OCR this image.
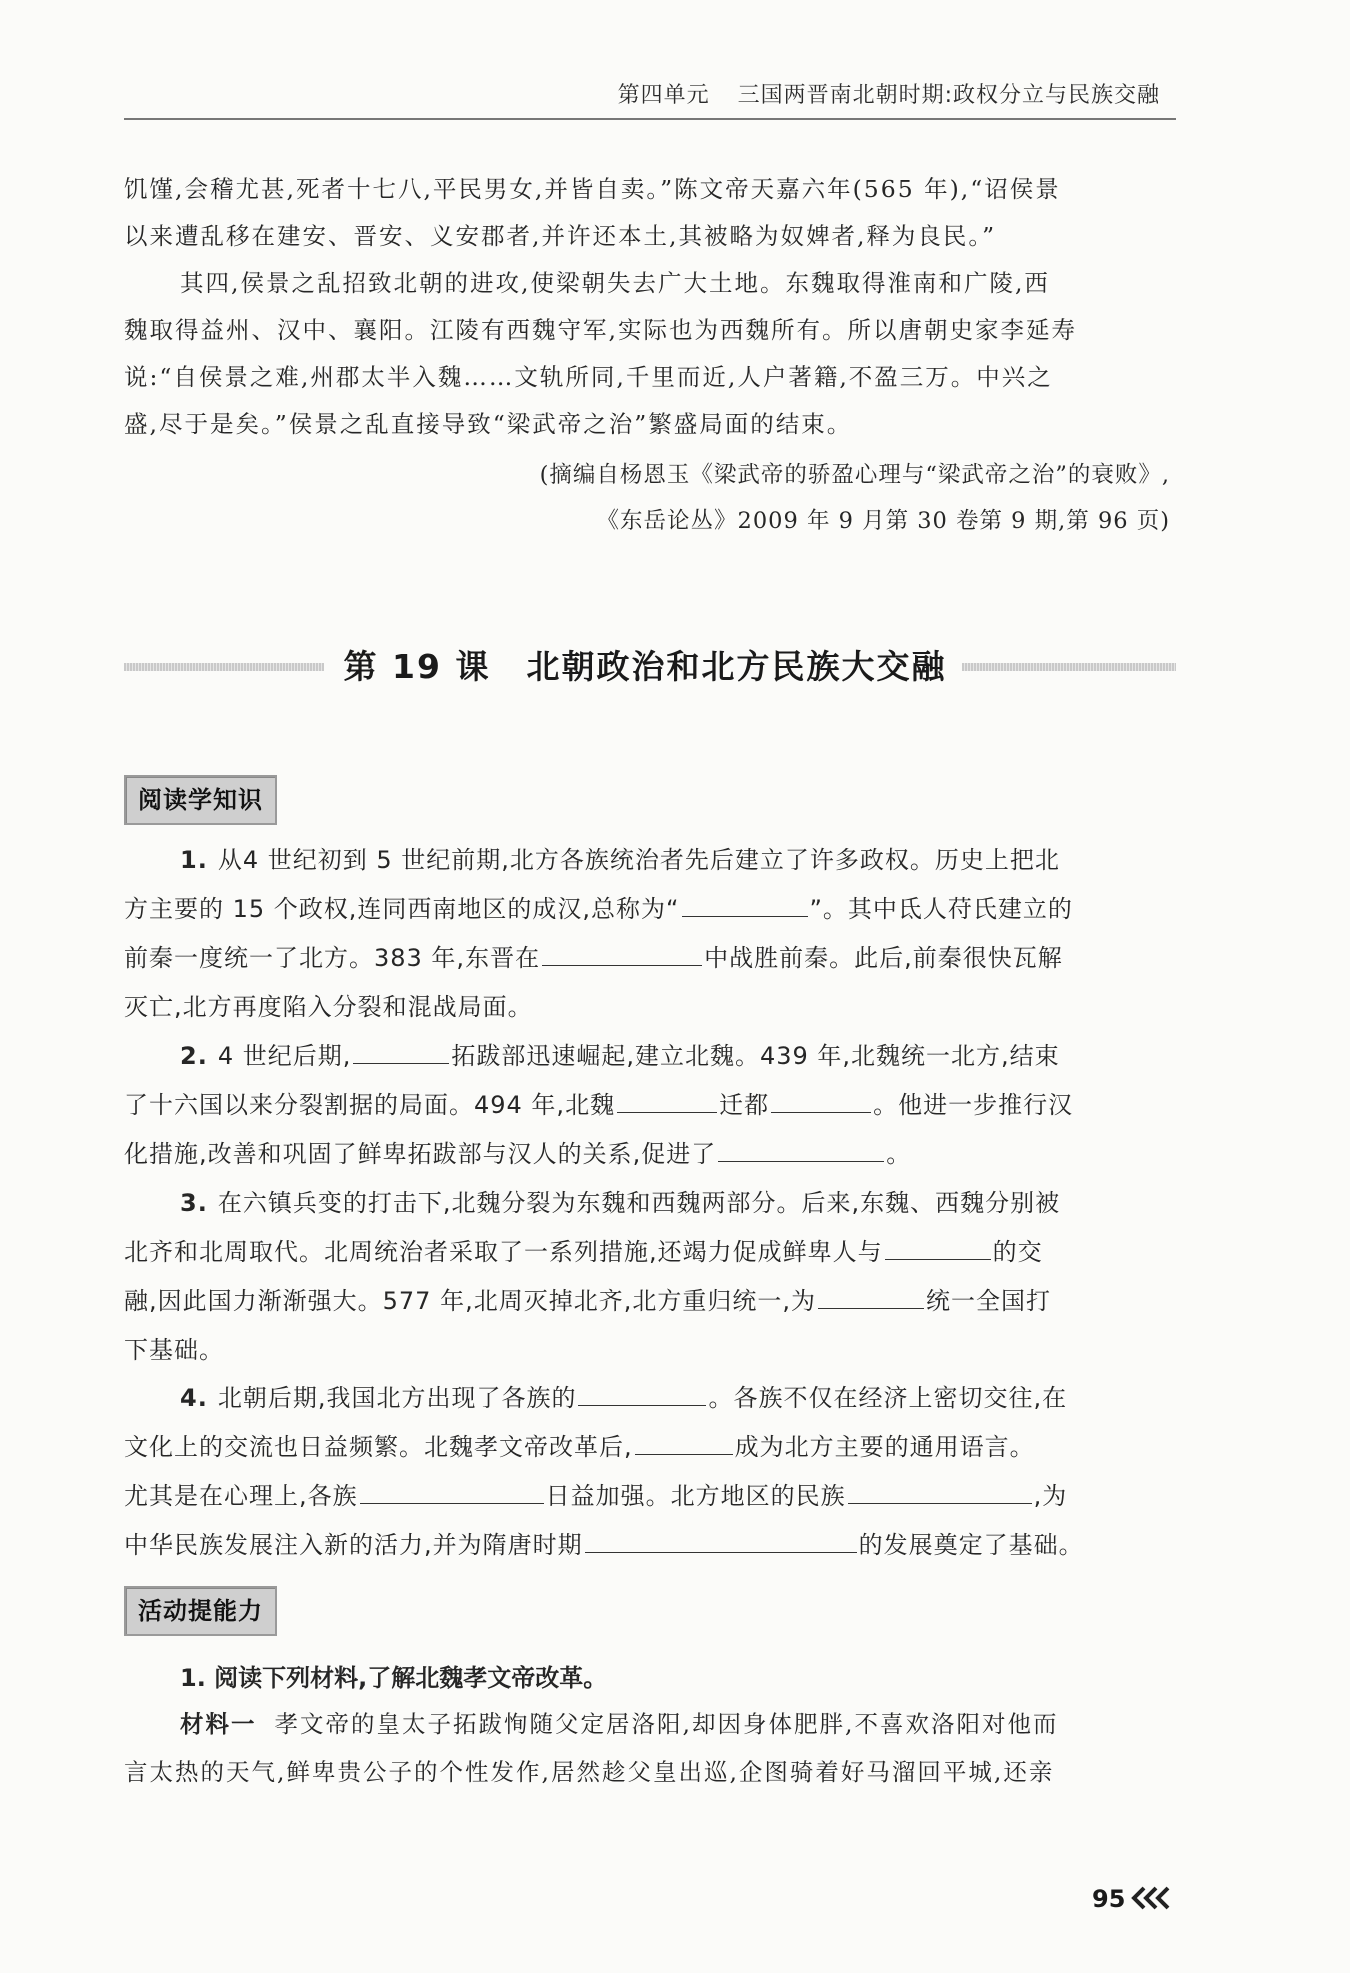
第四单元 三国两晋南北朝时期:政权分立与民族交融
饥馑,会稽尤甚,死者十七八,平民男女,并皆自卖。”陈文帝天嘉六年(565 年),“诏侯景
以来遭乱移在建安、晋安、义安郡者,并许还本土,其被略为奴婢者,释为良民。”
其四,侯景之乱招致北朝的进攻,使梁朝失去广大土地。东魏取得淮南和广陵,西
魏取得益州、汉中、襄阳。江陵有西魏守军,实际也为西魏所有。所以唐朝史家李延寿
说:“自侯景之难,州郡太半入魏……文轨所同,千里而近,人户著籍,不盈三万。中兴之
盛,尽于是矣。”侯景之乱直接导致“梁武帝之治”繁盛局面的结束。
(摘编自杨恩玉《梁武帝的骄盈心理与“梁武帝之治”的衰败》,
《东岳论丛》2009 年 9 月第 30 卷第 9 期,第 96 页)
第 19 课 北朝政治和北方民族大交融
阅读学知识
1. 从4 世纪初到 5 世纪前期,北方各族统治者先后建立了许多政权。历史上把北
方主要的 15 个政权,连同西南地区的成汉,总称为“	”。其中氐人苻氏建立的
前秦一度统一了北方。383 年,东晋在	中战胜前秦。此后,前秦很快瓦解
灭亡,北方再度陷入分裂和混战局面。
2. 4 世纪后期,	拓跋部迅速崛起,建立北魏。439 年,北魏统一北方,结束
了十六国以来分裂割据的局面。494 年,北魏	迁都	。他进一步推行汉
化措施,改善和巩固了鲜卑拓跋部与汉人的关系,促进了	。
3. 在六镇兵变的打击下,北魏分裂为东魏和西魏两部分。后来,东魏、西魏分别被
北齐和北周取代。北周统治者采取了一系列措施,还竭力促成鲜卑人与	的交
融,因此国力渐渐强大。577 年,北周灭掉北齐,北方重归统一,为	统一全国打
下基础。
4. 北朝后期,我国北方出现了各族的	。各族不仅在经济上密切交往,在
文化上的交流也日益频繁。北魏孝文帝改革后,	成为北方主要的通用语言。
尤其是在心理上,各族	日益加强。北方地区的民族	,为
中华民族发展注入新的活力,并为隋唐时期	的发展奠定了基础。
活动提能力
1. 阅读下列材料,了解北魏孝文帝改革。
材料一 孝文帝的皇太子拓跋恂随父定居洛阳,却因身体肥胖,不喜欢洛阳对他而
言太热的天气,鲜卑贵公子的个性发作,居然趁父皇出巡,企图骑着好马溜回平城,还亲
95
